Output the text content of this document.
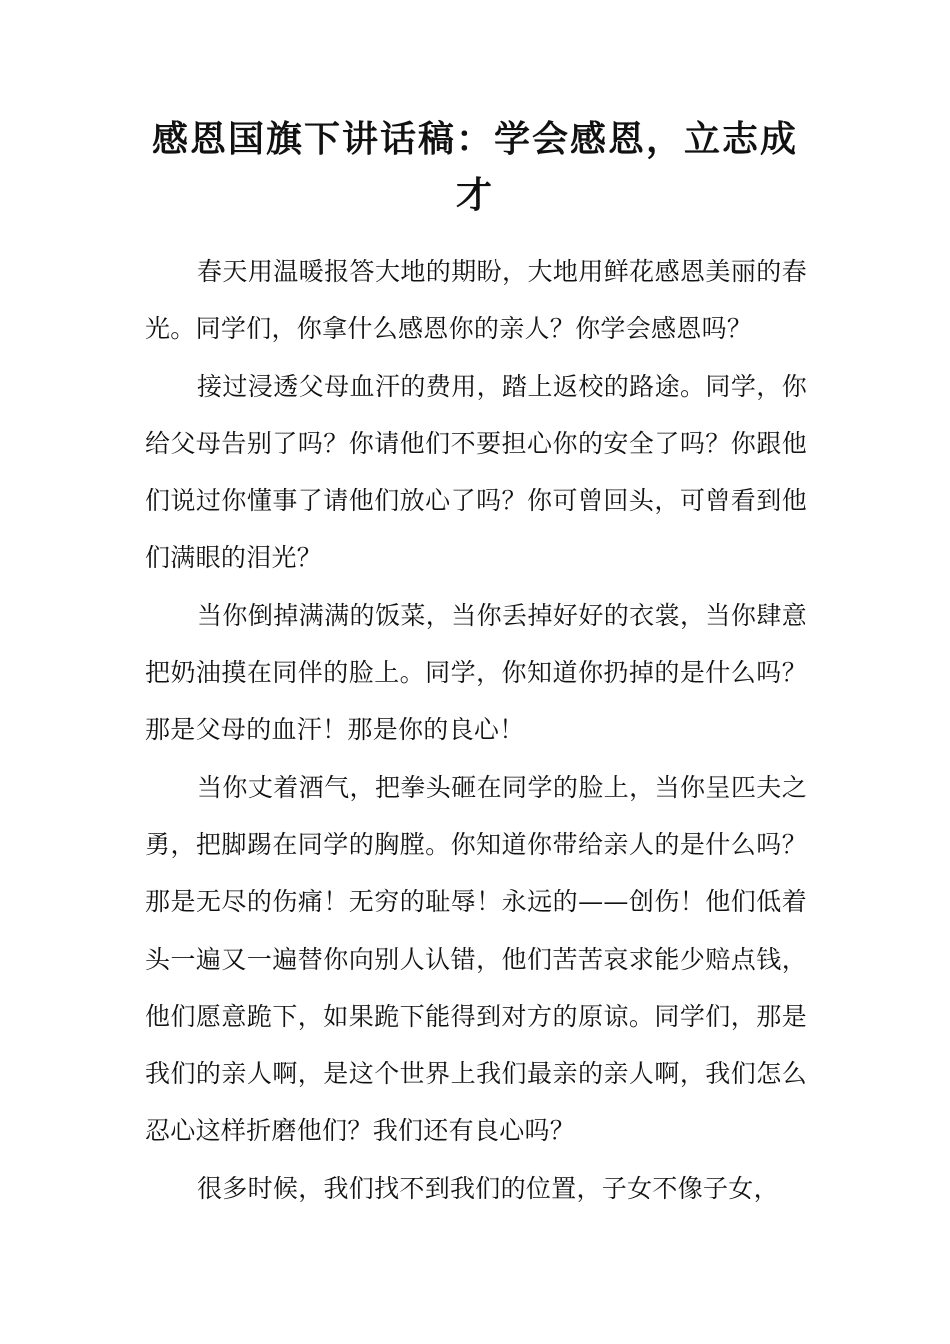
感恩国旗下讲话稿：学会感恩，立志成才

春天用温暖报答大地的期盼，大地用鲜花感恩美丽的春光。同学们，你拿什么感恩你的亲人？你学会感恩吗？

接过浸透父母血汗的费用，踏上返校的路途。同学，你给父母告别了吗？你请他们不要担心你的安全了吗？你跟他们说过你懂事了请他们放心了吗？你可曾回头，可曾看到他们满眼的泪光？

当你倒掉满满的饭菜，当你丢掉好好的衣裳，当你肆意把奶油摸在同伴的脸上。同学，你知道你扔掉的是什么吗？那是父母的血汗！那是你的良心！

当你丈着酒气，把拳头砸在同学的脸上，当你呈匹夫之勇，把脚踢在同学的胸膛。你知道你带给亲人的是什么吗？那是无尽的伤痛！无穷的耻辱！永远的——创伤！他们低着头一遍又一遍替你向别人认错，他们苦苦哀求能少赔点钱，他们愿意跪下，如果跪下能得到对方的原谅。同学们，那是我们的亲人啊，是这个世界上我们最亲的亲人啊，我们怎么忍心这样折磨他们？我们还有良心吗？

很多时候，我们找不到我们的位置，子女不像子女，
